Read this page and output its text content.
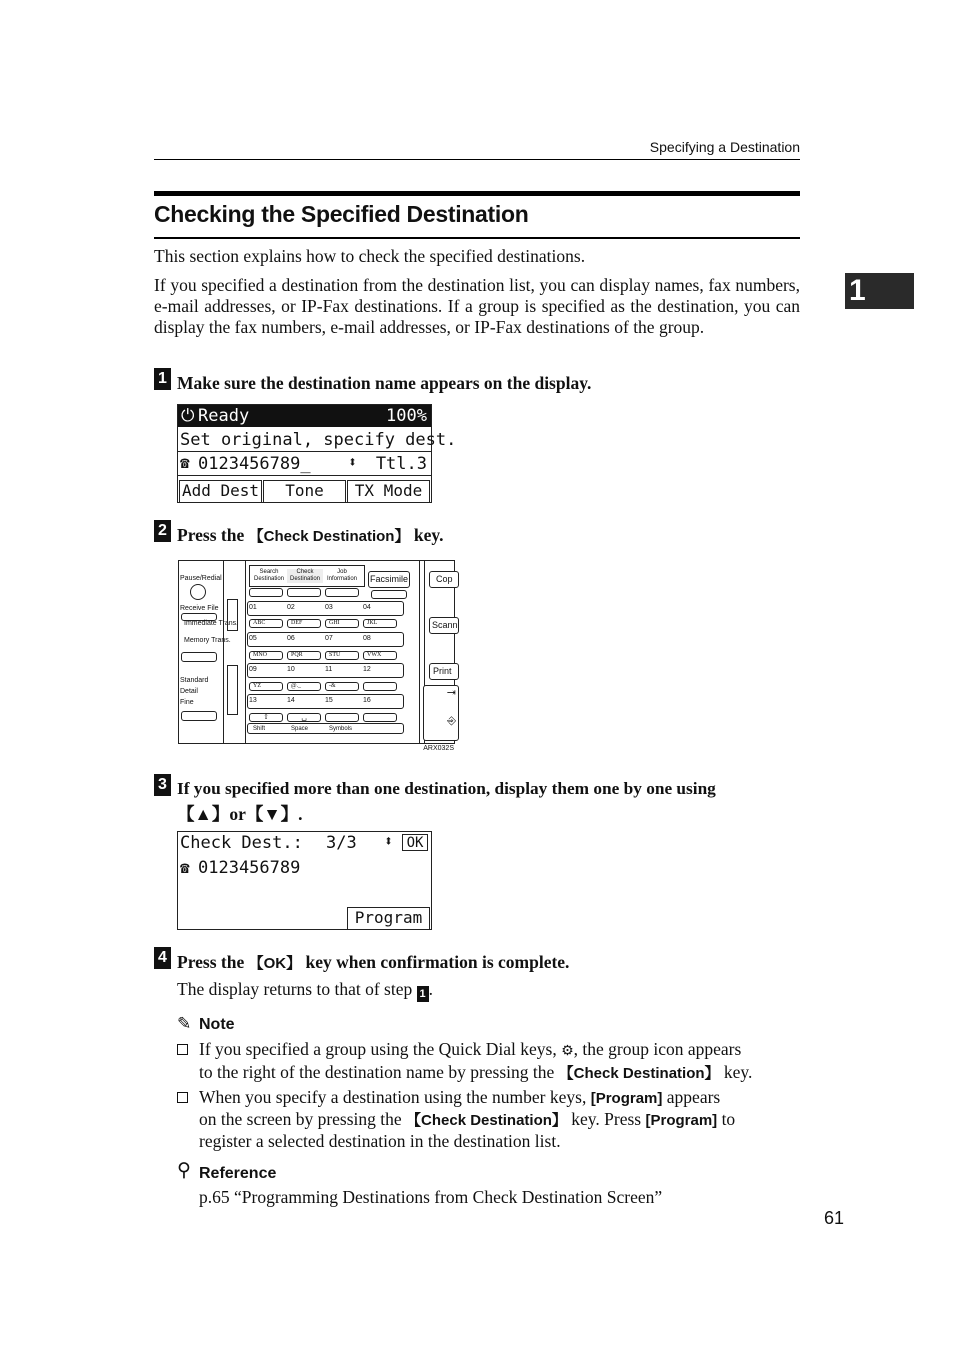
Specifying a Destination
Checking the Specified Destination
1
This section explains how to check the specified destinations.
If you specified a destination from the destination list, you can display names, fax numbers, e-mail addresses, or IP-Fax destinations. If a group is specified as the destination, you can display the fax numbers, e-mail addresses, or IP-Fax destinations of the group.
1 Make sure the destination name appears on the display.

⏻

Ready

	100%

Set original, specify dest.

☎

0123456789_

⬍

Ttl.3

Add Dest	Tone	TX Mode
2 Press the 【Check Destination】 key.
Pause/Redial
Receive File
Immediate Trans.
Memory Trans.
Standard
Detail
Fine
Search Destination
Check Destination
Job Information	Facsimile
01	02	03	04
ABC	DEF	GHI	JKL
05	06	07	08
MNO	PQR	STU	VWX
09	10	11	12
YZ	@._	-&
13	14	15	16
⇧	␣
Shift	Space	Symbols
Cop
Scann
Print
⇥

⎆
ARX032S
3 If you specified more than one destination, display them one by one using
【▲】or【▼】.

Check Dest.:

3/3

⬍

OK

☎

0123456789

Program
4 Press the 【OK】 key when confirmation is complete.
The display returns to that of step 1 .
✎ Note
If you specified a group using the Quick Dial keys, ⚙, the group icon appears
to the right of the destination name by pressing the 【Check Destination】 key.
When you specify a destination using the number keys, [Program] appears
on the screen by pressing the 【Check Destination】 key. Press [Program] to
register a selected destination in the destination list.
⚲ Reference
p.65 “Programming Destinations from Check Destination Screen”
61
